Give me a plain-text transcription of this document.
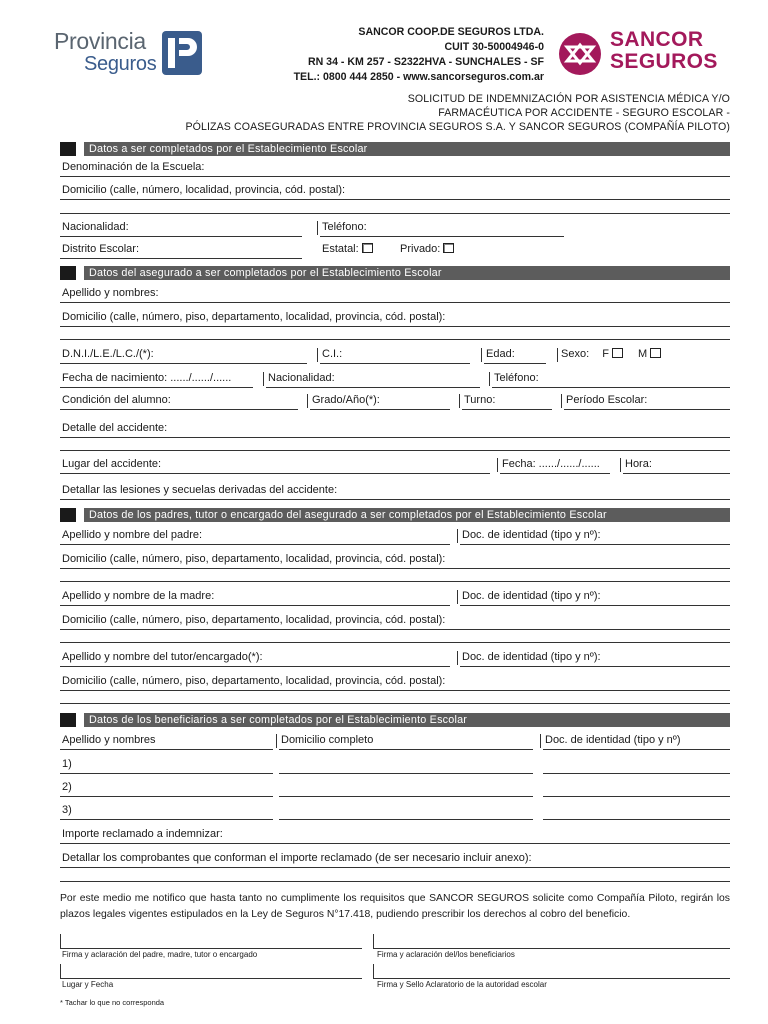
Provincia
Seguros
SANCOR COOP.DE SEGUROS LTDA.
CUIT 30-50004946-0
RN 34 - KM 257 - S2322HVA - SUNCHALES - SF
TEL.: 0800 444 2850 - www.sancorseguros.com.ar
SANCOR
SEGUROS
SOLICITUD DE INDEMNIZACIÓN POR ASISTENCIA MÉDICA Y/O
FARMACÉUTICA POR ACCIDENTE - SEGURO ESCOLAR -
PÓLIZAS COASEGURADAS ENTRE PROVINCIA SEGUROS S.A. Y SANCOR SEGUROS (COMPAÑÍA PILOTO)
Datos a ser completados por el Establecimiento Escolar
Denominación de la Escuela:
Domicilio (calle, número, localidad, provincia, cód. postal):
Nacionalidad:	Teléfono:
Distrito Escolar:	Estatal:	Privado:
Datos del asegurado a ser completados por el Establecimiento Escolar
Apellido y nombres:
Domicilio (calle, número, piso, departamento, localidad, provincia, cód. postal):
D.N.I./L.E./L.C./(*):	C.I.:	Edad:	Sexo: F	M
Fecha de nacimiento: ....../....../......	Nacionalidad:	Teléfono:
Condición del alumno:	Grado/Año(*):	Turno:	Período Escolar:
Detalle del accidente:
Lugar del accidente:	Fecha: ....../....../......	Hora:
Detallar las lesiones y secuelas derivadas del accidente:
Datos de los padres, tutor o encargado del asegurado a ser completados por el Establecimiento Escolar
Apellido y nombre del padre:	Doc. de identidad (tipo y nº):
Domicilio (calle, número, piso, departamento, localidad, provincia, cód. postal):
Apellido y nombre de la madre:	Doc. de identidad (tipo y nº):
Domicilio (calle, número, piso, departamento, localidad, provincia, cód. postal):
Apellido y nombre del tutor/encargado(*):	Doc. de identidad (tipo y nº):
Domicilio (calle, número, piso, departamento, localidad, provincia, cód. postal):
Datos de los beneficiarios a ser completados por el Establecimiento Escolar
Apellido y nombres	Domicilio completo	Doc. de identidad (tipo y nº)
1)
2)
3)
Importe reclamado a indemnizar:
Detallar los comprobantes que conforman el importe reclamado (de ser necesario incluir anexo):
Por este medio me notifico que hasta tanto no cumplimente los requisitos que SANCOR SEGUROS solicite como Compañía Piloto, regirán los plazos legales vigentes estipulados en la Ley de Seguros N°17.418, pudiendo prescribir los derechos al cobro del beneficio.
Firma y aclaración del padre, madre, tutor o encargado	Firma y aclaración del/los beneficiarios
Lugar y Fecha	Firma y Sello Aclaratorio de la autoridad escolar
* Tachar lo que no corresponda
